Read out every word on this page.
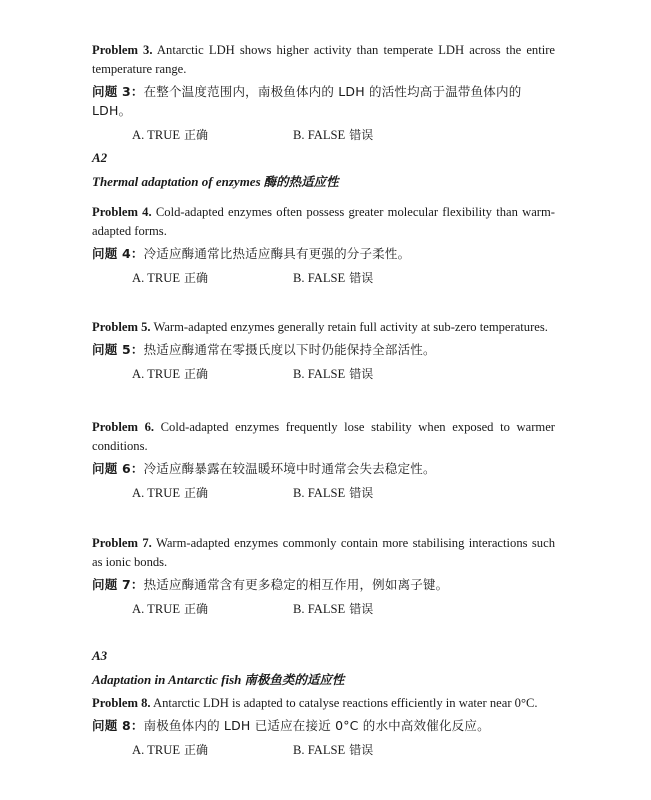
Problem 3. Antarctic LDH shows higher activity than temperate LDH across the entire temperature range.
问题 3：在整个温度范围内，南极鱼体内的 LDH 的活性均高于温带鱼体内的 LDH。
A. TRUE 正确	B. FALSE 错误
A2
Thermal adaptation of enzymes 酶的热适应性
Problem 4. Cold-adapted enzymes often possess greater molecular flexibility than warm-adapted forms.
问题 4：冷适应酶通常比热适应酶具有更强的分子柔性。
A. TRUE 正确	B. FALSE 错误
Problem 5. Warm-adapted enzymes generally retain full activity at sub-zero temperatures.
问题 5：热适应酶通常在零摄氏度以下时仍能保持全部活性。
A. TRUE 正确	B. FALSE 错误
Problem 6. Cold-adapted enzymes frequently lose stability when exposed to warmer conditions.
问题 6：冷适应酶暴露在较温暖环境中时通常会失去稳定性。
A. TRUE 正确	B. FALSE 错误
Problem 7. Warm-adapted enzymes commonly contain more stabilising interactions such as ionic bonds.
问题 7：热适应酶通常含有更多稳定的相互作用，例如离子键。
A. TRUE 正确	B. FALSE 错误
A3
Adaptation in Antarctic fish 南极鱼类的适应性
Problem 8. Antarctic LDH is adapted to catalyse reactions efficiently in water near 0°C.
问题 8：南极鱼体内的 LDH 已适应在接近 0°C 的水中高效催化反应。
A. TRUE 正确	B. FALSE 错误
